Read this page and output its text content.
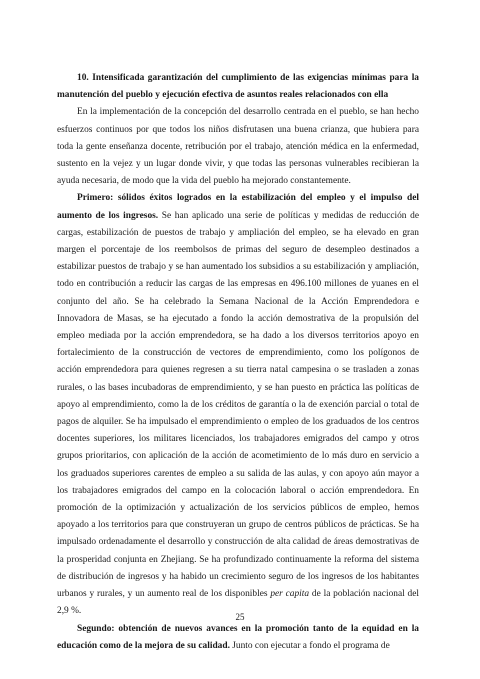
10. Intensificada garantización del cumplimiento de las exigencias mínimas para la manutención del pueblo y ejecución efectiva de asuntos reales relacionados con ella

En la implementación de la concepción del desarrollo centrada en el pueblo, se han hecho esfuerzos continuos por que todos los niños disfrutasen una buena crianza, que hubiera para toda la gente enseñanza docente, retribución por el trabajo, atención médica en la enfermedad, sustento en la vejez y un lugar donde vivir, y que todas las personas vulnerables recibieran la ayuda necesaria, de modo que la vida del pueblo ha mejorado constantemente.

Primero: sólidos éxitos logrados en la estabilización del empleo y el impulso del aumento de los ingresos. Se han aplicado una serie de políticas y medidas de reducción de cargas, estabilización de puestos de trabajo y ampliación del empleo, se ha elevado en gran margen el porcentaje de los reembolsos de primas del seguro de desempleo destinados a estabilizar puestos de trabajo y se han aumentado los subsidios a su estabilización y ampliación, todo en contribución a reducir las cargas de las empresas en 496.100 millones de yuanes en el conjunto del año. Se ha celebrado la Semana Nacional de la Acción Emprendedora e Innovadora de Masas, se ha ejecutado a fondo la acción demostrativa de la propulsión del empleo mediada por la acción emprendedora, se ha dado a los diversos territorios apoyo en fortalecimiento de la construcción de vectores de emprendimiento, como los polígonos de acción emprendedora para quienes regresen a su tierra natal campesina o se trasladen a zonas rurales, o las bases incubadoras de emprendimiento, y se han puesto en práctica las políticas de apoyo al emprendimiento, como la de los créditos de garantía o la de exención parcial o total de pagos de alquiler. Se ha impulsado el emprendimiento o empleo de los graduados de los centros docentes superiores, los militares licenciados, los trabajadores emigrados del campo y otros grupos prioritarios, con aplicación de la acción de acometimiento de lo más duro en servicio a los graduados superiores carentes de empleo a su salida de las aulas, y con apoyo aún mayor a los trabajadores emigrados del campo en la colocación laboral o acción emprendedora. En promoción de la optimización y actualización de los servicios públicos de empleo, hemos apoyado a los territorios para que construyeran un grupo de centros públicos de prácticas. Se ha impulsado ordenadamente el desarrollo y construcción de alta calidad de áreas demostrativas de la prosperidad conjunta en Zhejiang. Se ha profundizado continuamente la reforma del sistema de distribución de ingresos y ha habido un crecimiento seguro de los ingresos de los habitantes urbanos y rurales, y un aumento real de los disponibles per capita de la población nacional del 2,9 %.

Segundo: obtención de nuevos avances en la promoción tanto de la equidad en la educación como de la mejora de su calidad. Junto con ejecutar a fondo el programa de

25
